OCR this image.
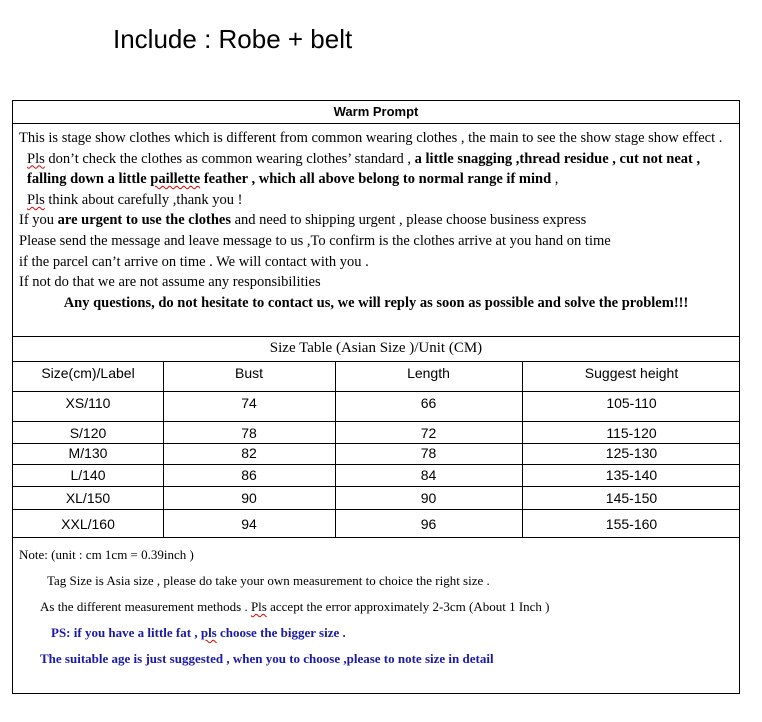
Include : Robe + belt
Warm Prompt

This is stage show clothes which is different from common wearing clothes , the main to see the show stage show effect .

Pls don’t check the clothes as common wearing clothes’ standard , a little snagging ,thread residue , cut not neat , falling down a little paillette feather , which all above belong to normal range if mind ,

Pls think about carefully ,thank you !

If you are urgent to use the clothes and need to shipping urgent , please choose business express

Please send the message and leave message to us ,To confirm is the clothes arrive at you hand on time

if the parcel can’t arrive on time . We will contact with you .

If not do that we are not assume any responsibilities

Any questions, do not hesitate to contact us, we will reply as soon as possible and solve the problem!!!

Size Table (Asian Size )/Unit (CM)
Size(cm)/Label	Bust	Length	Suggest height
XS/110	74	66	105-110
S/120	78	72	115-120
M/130	82	78	125-130
L/140	86	84	135-140
XL/150	90	90	145-150
XXL/160	94	96	155-160

Note: (unit : cm 1cm = 0.39inch )

Tag Size is Asia size , please do take your own measurement to choice the right size .

As the different measurement methods . Pls accept the error approximately 2-3cm (About 1 Inch )

PS: if you have a little fat , pls choose the bigger size .

The suitable age is just suggested , when you to choose ,please to note size in detail
